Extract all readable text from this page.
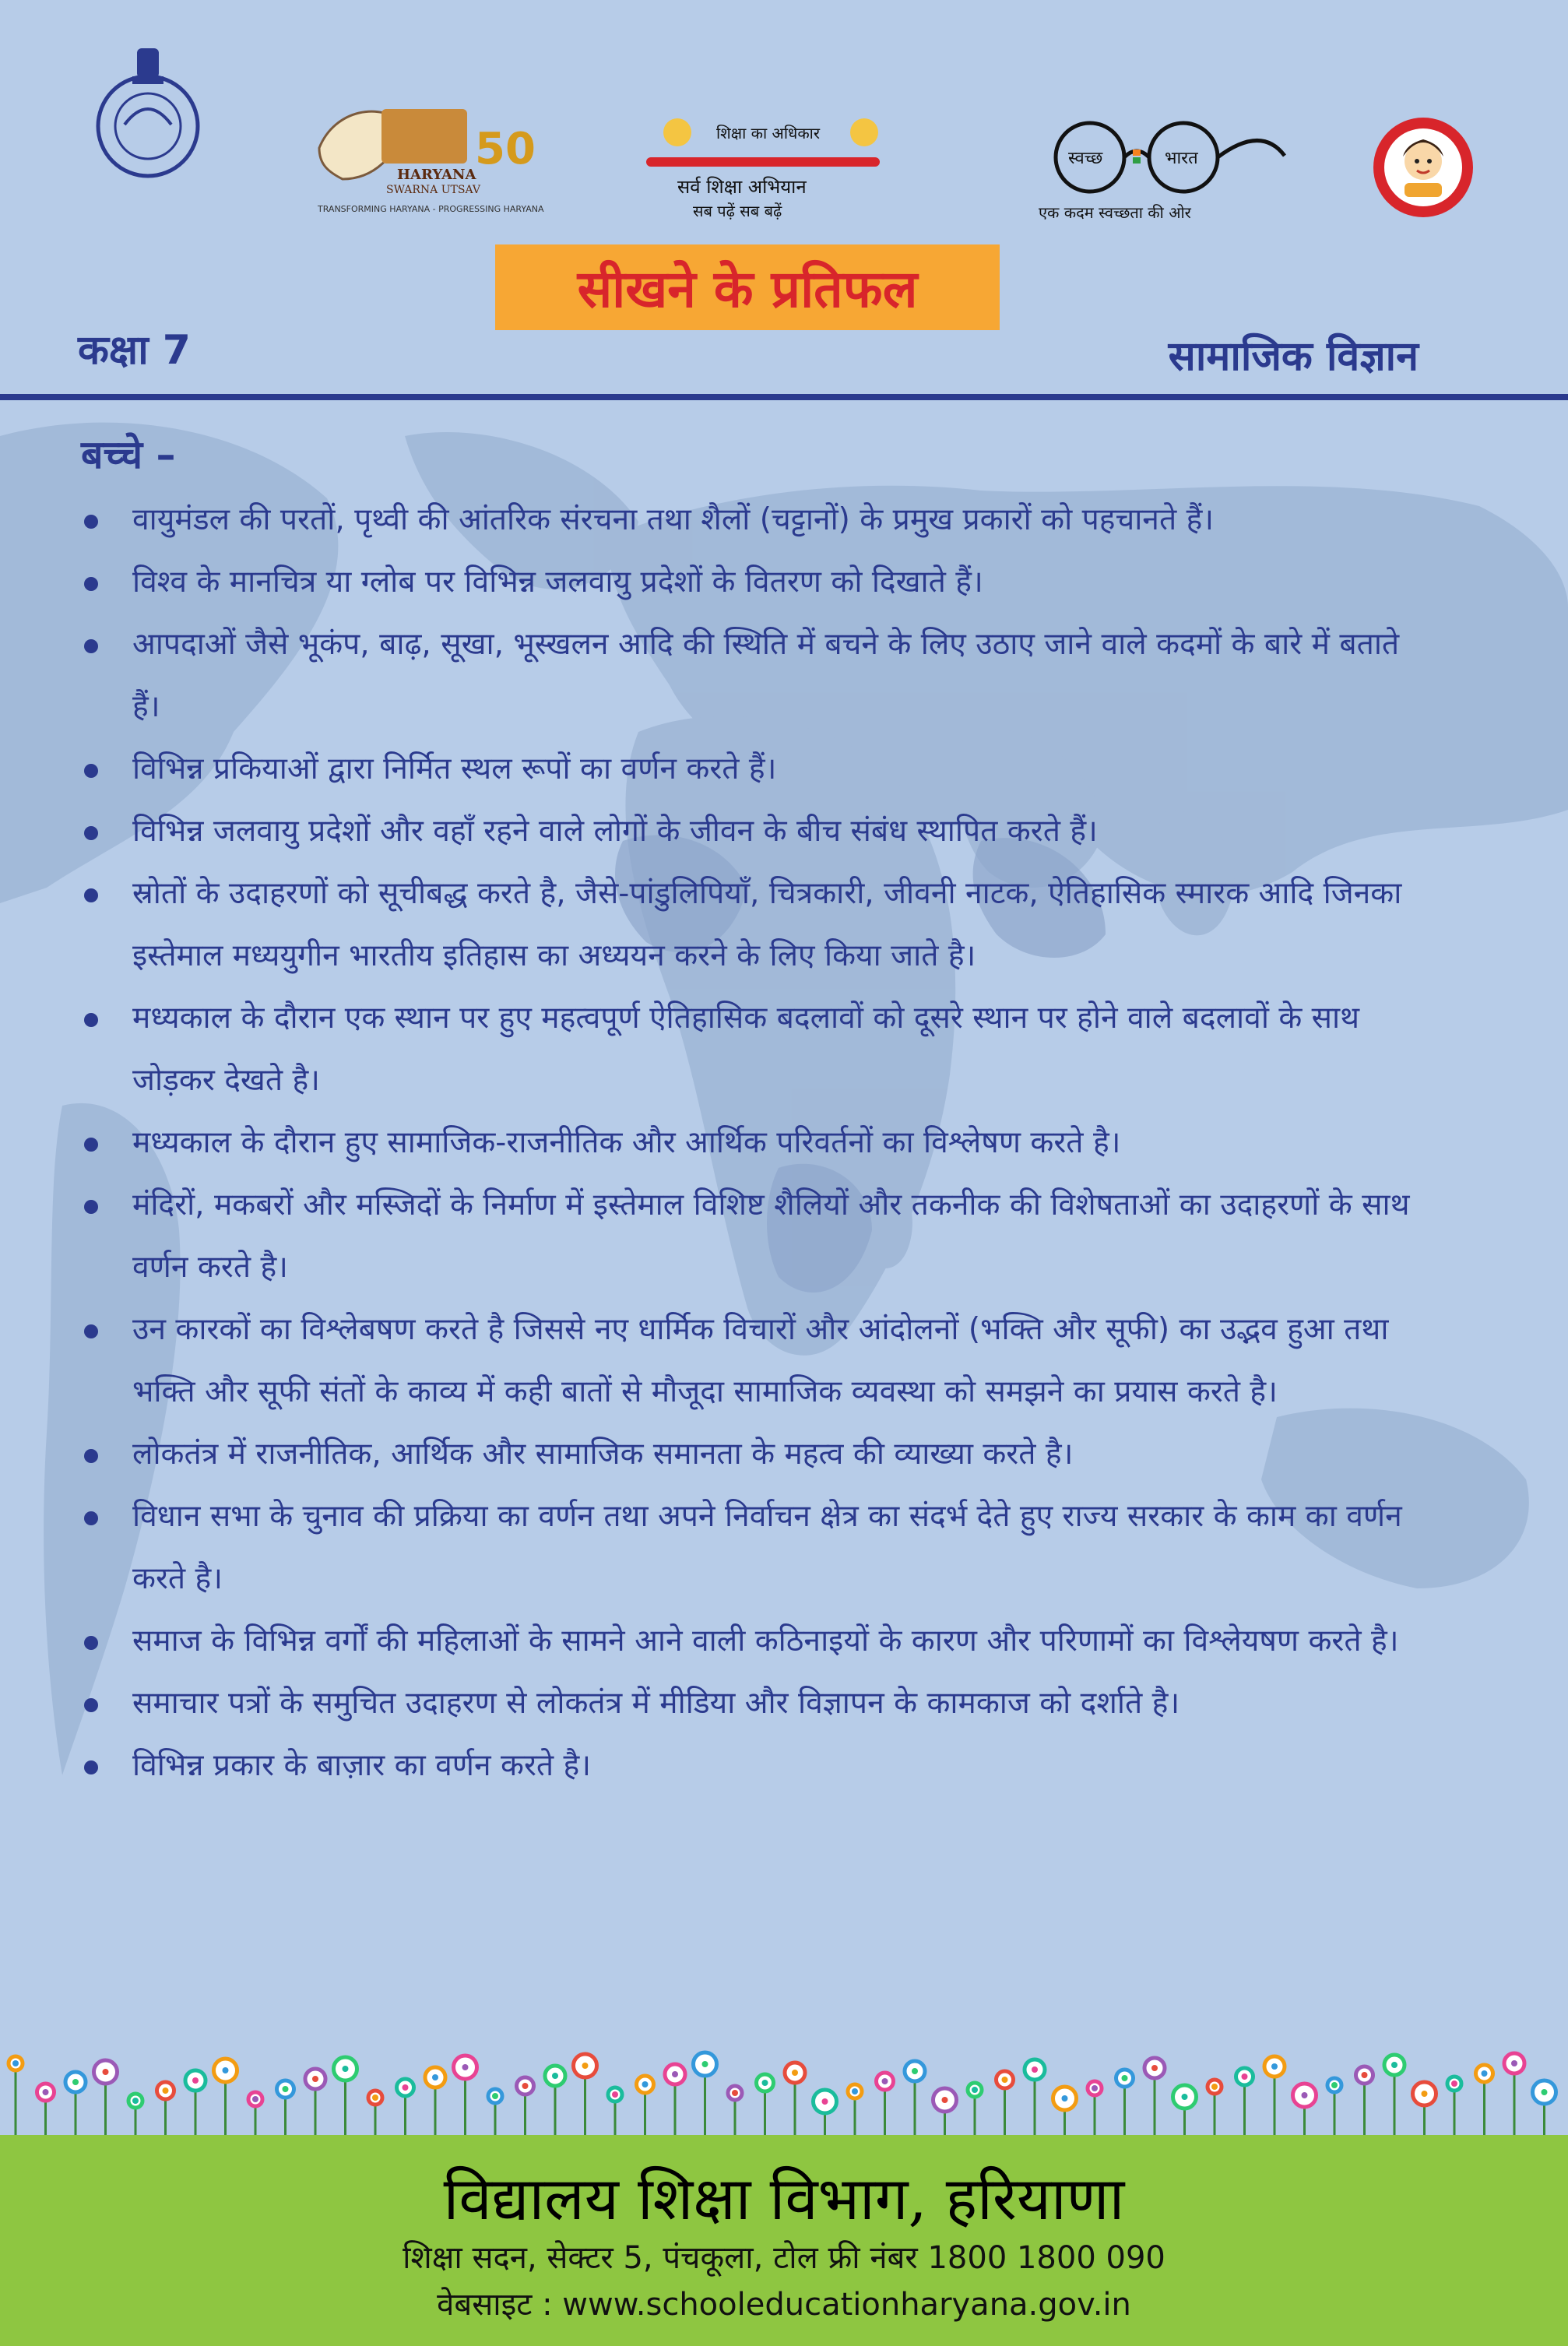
50
HARYANA
SWARNA UTSAV
TRANSFORMING HARYANA - PROGRESSING HARYANA
शिक्षा का अधिकार
सर्व शिक्षा अभियान
सब पढ़ें सब बढ़ें
स्वच्छ	भारत
एक कदम स्वच्छता की ओर
सीखने के प्रतिफल
कक्षा 7	सामाजिक विज्ञान
बच्चे –
वायुमंडल की परतों, पृथ्वी की आंतरिक संरचना तथा शैलों (चट्टानों) के प्रमुख प्रकारों को पहचानते हैं।
विश्व के मानचित्र या ग्लोब पर विभिन्न जलवायु प्रदेशों के वितरण को दिखाते हैं।
आपदाओं जैसे भूकंप, बाढ़, सूखा, भूस्खलन आदि की स्थिति में बचने के लिए उठाए जाने वाले कदमों के बारे में बताते हैं।
विभिन्न प्रकियाओं द्वारा निर्मित स्थल रूपों का वर्णन करते हैं।
विभिन्न जलवायु प्रदेशों और वहाँ रहने वाले लोगों के जीवन के बीच संबंध स्थापित करते हैं।
स्रोतों के उदाहरणों को सूचीबद्ध करते है, जैसे-पांडुलिपियाँ, चित्रकारी, जीवनी नाटक, ऐतिहासिक स्मारक आदि जिनका इस्तेमाल मध्ययुगीन भारतीय इतिहास का अध्ययन करने के लिए किया जाते है।
मध्यकाल के दौरान एक स्थान पर हुए महत्वपूर्ण ऐतिहासिक बदलावों को दूसरे स्थान पर होने वाले बदलावों के साथ जोड़कर देखते है।
मध्यकाल के दौरान हुए सामाजिक-राजनीतिक और आर्थिक परिवर्तनों का विश्लेषण करते है।
मंदिरों, मकबरों और मस्जिदों के निर्माण में इस्तेमाल विशिष्ट शैलियों और तकनीक की विशेषताओं का उदाहरणों के साथ वर्णन करते है।
उन कारकों का विश्लेबषण करते है जिससे नए धार्मिक विचारों और आंदोलनों (भक्ति और सूफी) का उद्भव हुआ तथा भक्ति और सूफी संतों के काव्य में कही बातों से मौजूदा सामाजिक व्यवस्था को समझने का प्रयास करते है।
लोकतंत्र में राजनीतिक, आर्थिक और सामाजिक समानता के महत्व की व्याख्या करते है।
विधान सभा के चुनाव की प्रक्रिया का वर्णन तथा अपने निर्वाचन क्षेत्र का संदर्भ देते हुए राज्य सरकार के काम का वर्णन करते है।
समाज के विभिन्न वर्गों की महिलाओं के सामने आने वाली कठिनाइयों के कारण और परिणामों का विश्लेयषण करते है।
समाचार पत्रों के समुचित उदाहरण से लोकतंत्र में मीडिया और विज्ञापन के कामकाज को दर्शाते है।
विभिन्न प्रकार के बाज़ार का वर्णन करते है।
विद्यालय शिक्षा विभाग, हरियाणा
शिक्षा सदन, सेक्टर 5, पंचकूला, टोल फ्री नंबर 1800 1800 090
वेबसाइट : www.schooleducationharyana.gov.in
